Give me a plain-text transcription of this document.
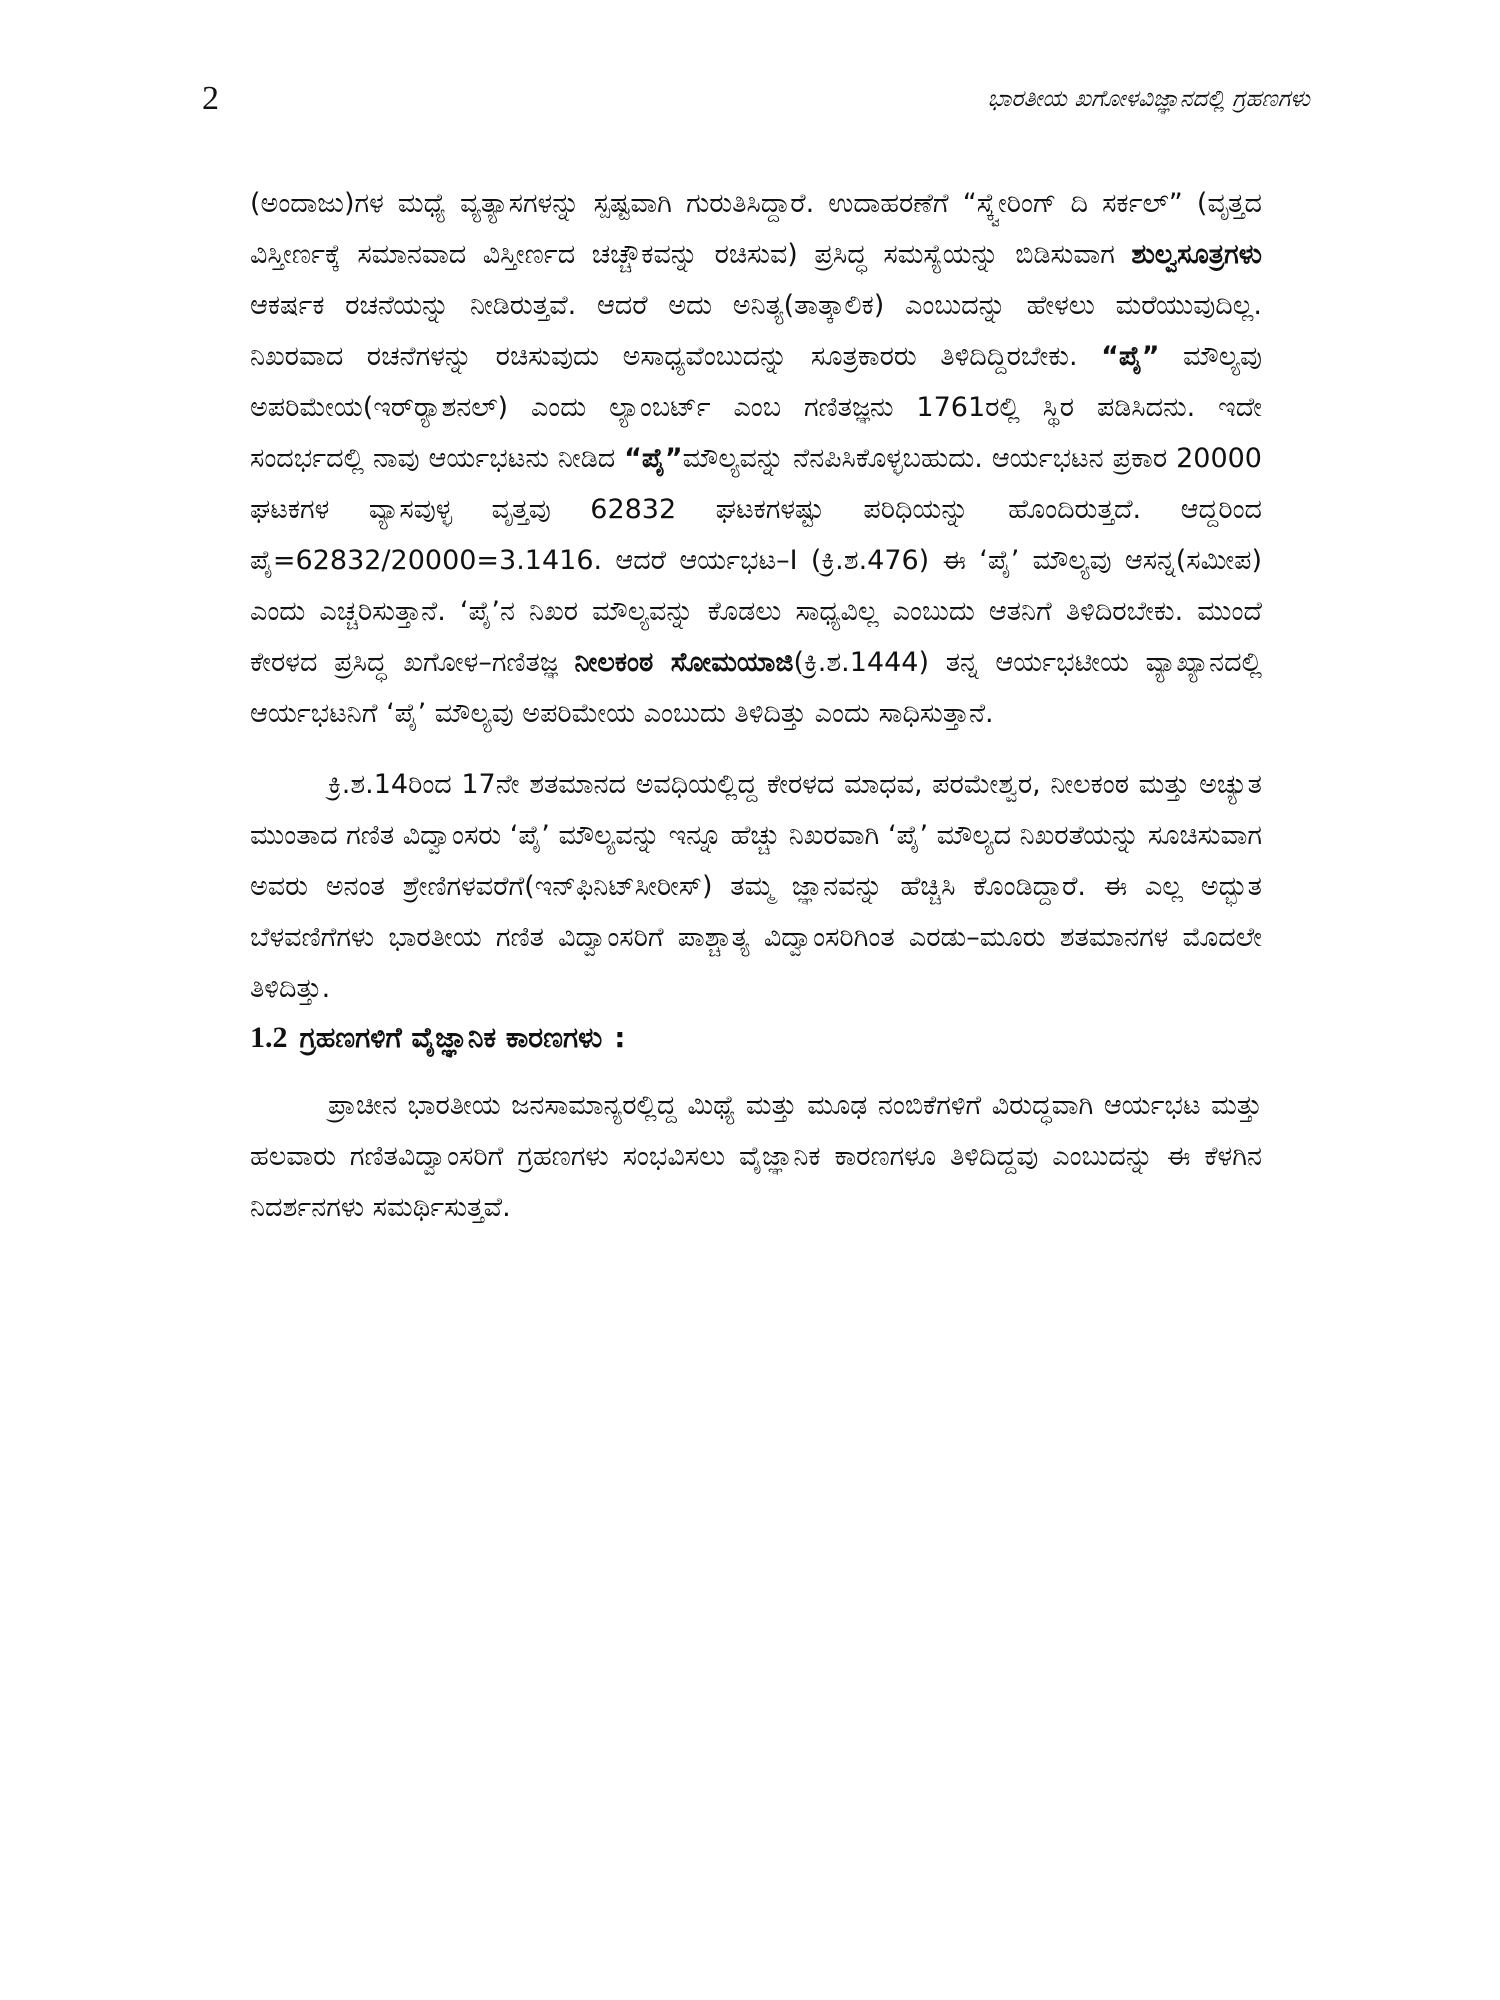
2	ಭಾರತೀಯ ಖಗೋಳವಿಜ್ಞಾನದಲ್ಲಿ ಗ್ರಹಣಗಳು

(ಅಂದಾಜು)ಗಳ ಮಧ್ಯೆ ವ್ಯತ್ಯಾಸಗಳನ್ನು ಸ್ಪಷ್ಟವಾಗಿ ಗುರುತಿಸಿದ್ದಾರೆ. ಉದಾಹರಣೆಗೆ “ಸ್ಕ್ವೇರಿಂಗ್ ದಿ ಸರ್ಕಲ್” (ವೃತ್ತದ ವಿಸ್ತೀರ್ಣಕ್ಕೆ ಸಮಾನವಾದ ವಿಸ್ತೀರ್ಣದ ಚಚ್ಚೌಕವನ್ನು ರಚಿಸುವ) ಪ್ರಸಿದ್ಧ ಸಮಸ್ಯೆಯನ್ನು ಬಿಡಿಸುವಾಗ ಶುಲ್ವಸೂತ್ರಗಳು ಆಕರ್ಷಕ ರಚನೆಯನ್ನು ನೀಡಿರುತ್ತವೆ. ಆದರೆ ಅದು ಅನಿತ್ಯ(ತಾತ್ಕಾಲಿಕ) ಎಂಬುದನ್ನು ಹೇಳಲು ಮರೆಯುವುದಿಲ್ಲ. ನಿಖರವಾದ ರಚನೆಗಳನ್ನು ರಚಿಸುವುದು ಅಸಾಧ್ಯವೆಂಬುದನ್ನು ಸೂತ್ರಕಾರರು ತಿಳಿದಿದ್ದಿರಬೇಕು. “ಪೈ” ಮೌಲ್ಯವು ಅಪರಿಮೇಯ(ಇರ್‌ರ್‍ಯಾಶನಲ್) ಎಂದು ಲ್ಯಾಂಬರ್ಟ್ ಎಂಬ ಗಣಿತಜ್ಞನು 1761ರಲ್ಲಿ ಸ್ಥಿರ ಪಡಿಸಿದನು. ಇದೇ ಸಂದರ್ಭದಲ್ಲಿ ನಾವು ಆರ್ಯಭಟನು ನೀಡಿದ “ಪೈ”ಮೌಲ್ಯವನ್ನು ನೆನಪಿಸಿಕೊಳ್ಳಬಹುದು. ಆರ್ಯಭಟನ ಪ್ರಕಾರ 20000 ಘಟಕಗಳ ವ್ಯಾಸವುಳ್ಳ ವೃತ್ತವು 62832 ಘಟಕಗಳಷ್ಟು ಪರಿಧಿಯನ್ನು ಹೊಂದಿರುತ್ತದೆ. ಆದ್ದರಿಂದ ಪೈ=62832/20000=3.1416. ಆದರೆ ಆರ್ಯಭಟ–I (ಕ್ರಿ.ಶ.476) ಈ ‘ಪೈ’ ಮೌಲ್ಯವು ಆಸನ್ನ(ಸಮೀಪ) ಎಂದು ಎಚ್ಚರಿಸುತ್ತಾನೆ. ‘ಪೈ’ನ ನಿಖರ ಮೌಲ್ಯವನ್ನು ಕೊಡಲು ಸಾಧ್ಯವಿಲ್ಲ ಎಂಬುದು ಆತನಿಗೆ ತಿಳಿದಿರಬೇಕು. ಮುಂದೆ ಕೇರಳದ ಪ್ರಸಿದ್ಧ ಖಗೋಳ–ಗಣಿತಜ್ಞ ನೀಲಕಂಠ ಸೋಮಯಾಜಿ(ಕ್ರಿ.ಶ.1444) ತನ್ನ ಆರ್ಯಭಟೀಯ ವ್ಯಾಖ್ಯಾನದಲ್ಲಿ ಆರ್ಯಭಟನಿಗೆ ‘ಪೈ’ ಮೌಲ್ಯವು ಅಪರಿಮೇಯ ಎಂಬುದು ತಿಳಿದಿತ್ತು ಎಂದು ಸಾಧಿಸುತ್ತಾನೆ.

ಕ್ರಿ.ಶ.14ರಿಂದ 17ನೇ ಶತಮಾನದ ಅವಧಿಯಲ್ಲಿದ್ದ ಕೇರಳದ ಮಾಧವ, ಪರಮೇಶ್ವರ, ನೀಲಕಂಠ ಮತ್ತು ಅಚ್ಯುತ ಮುಂತಾದ ಗಣಿತ ವಿದ್ವಾಂಸರು ‘ಪೈ’ ಮೌಲ್ಯವನ್ನು ಇನ್ನೂ ಹೆಚ್ಚು ನಿಖರವಾಗಿ ‘ಪೈ’ ಮೌಲ್ಯದ ನಿಖರತೆಯನ್ನು ಸೂಚಿಸುವಾಗ ಅವರು ಅನಂತ ಶ್ರೇಣಿಗಳವರೆಗೆ(ಇನ್‌ಫಿನಿಟ್‌ಸೀರೀಸ್) ತಮ್ಮ ಜ್ಞಾನವನ್ನು ಹೆಚ್ಚಿಸಿ ಕೊಂಡಿದ್ದಾರೆ. ಈ ಎಲ್ಲ ಅದ್ಭುತ ಬೆಳವಣಿಗೆಗಳು ಭಾರತೀಯ ಗಣಿತ ವಿದ್ವಾಂಸರಿಗೆ ಪಾಶ್ಚಾತ್ಯ ವಿದ್ವಾಂಸರಿಗಿಂತ ಎರಡು–ಮೂರು ಶತಮಾನಗಳ ಮೊದಲೇ ತಿಳಿದಿತ್ತು.

1.2 ಗ್ರಹಣಗಳಿಗೆ ವೈಜ್ಞಾನಿಕ ಕಾರಣಗಳು :

ಪ್ರಾಚೀನ ಭಾರತೀಯ ಜನಸಾಮಾನ್ಯರಲ್ಲಿದ್ದ ಮಿಥ್ಯೆ ಮತ್ತು ಮೂಢ ನಂಬಿಕೆಗಳಿಗೆ ವಿರುದ್ಧವಾಗಿ ಆರ್ಯಭಟ ಮತ್ತು ಹಲವಾರು ಗಣಿತವಿದ್ವಾಂಸರಿಗೆ ಗ್ರಹಣಗಳು ಸಂಭವಿಸಲು ವೈಜ್ಞಾನಿಕ ಕಾರಣಗಳೂ ತಿಳಿದಿದ್ದವು ಎಂಬುದನ್ನು ಈ ಕೆಳಗಿನ ನಿದರ್ಶನಗಳು ಸಮರ್ಥಿಸುತ್ತವೆ.
